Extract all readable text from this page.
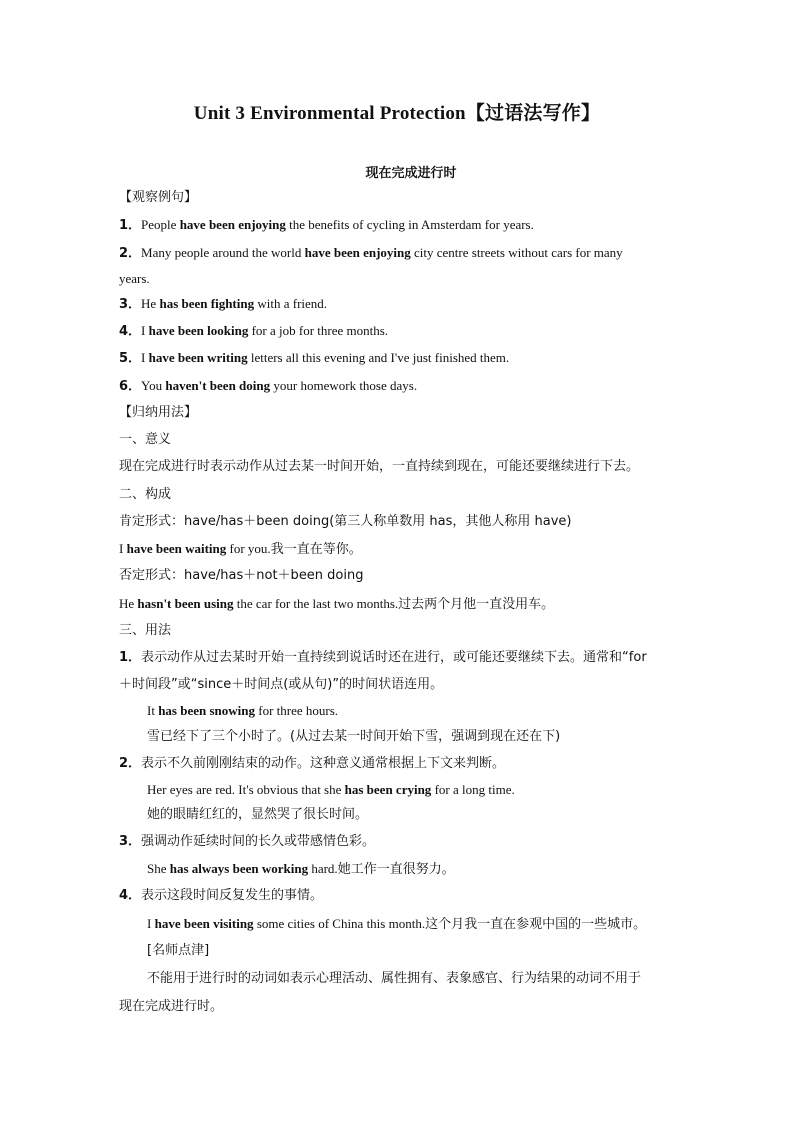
Unit 3 Environmental Protection【过语法写作】
现在完成进行时
【观察例句】
1．People have been enjoying the benefits of cycling in Amsterdam for years.
2．Many people around the world have been enjoying city centre streets without cars for many
years.
3．He has been fighting with a friend.
4．I have been looking for a job for three months.
5．I have been writing letters all this evening and I've just finished them.
6．You haven't been doing your homework those days.
【归纳用法】
一、意义
现在完成进行时表示动作从过去某一时间开始，一直持续到现在，可能还要继续进行下去。
二、构成
肯定形式：have/has＋been doing(第三人称单数用 has，其他人称用 have)
I have been waiting for you.我一直在等你。
否定形式：have/has＋not＋been doing
He hasn't been using the car for the last two months.过去两个月他一直没用车。
三、用法
1．表示动作从过去某时开始一直持续到说话时还在进行，或可能还要继续下去。通常和“for
＋时间段”或“since＋时间点(或从句)”的时间状语连用。
It has been snowing for three hours.
雪已经下了三个小时了。(从过去某一时间开始下雪，强调到现在还在下)
2．表示不久前刚刚结束的动作。这种意义通常根据上下文来判断。
Her eyes are red. It's obvious that she has been crying for a long time.
她的眼睛红红的，显然哭了很长时间。
3．强调动作延续时间的长久或带感情色彩。
She has always been working hard.她工作一直很努力。
4．表示这段时间反复发生的事情。
I have been visiting some cities of China this month.这个月我一直在参观中国的一些城市。
[名师点津]
不能用于进行时的动词如表示心理活动、属性拥有、表象感官、行为结果的动词不用于
现在完成进行时。
